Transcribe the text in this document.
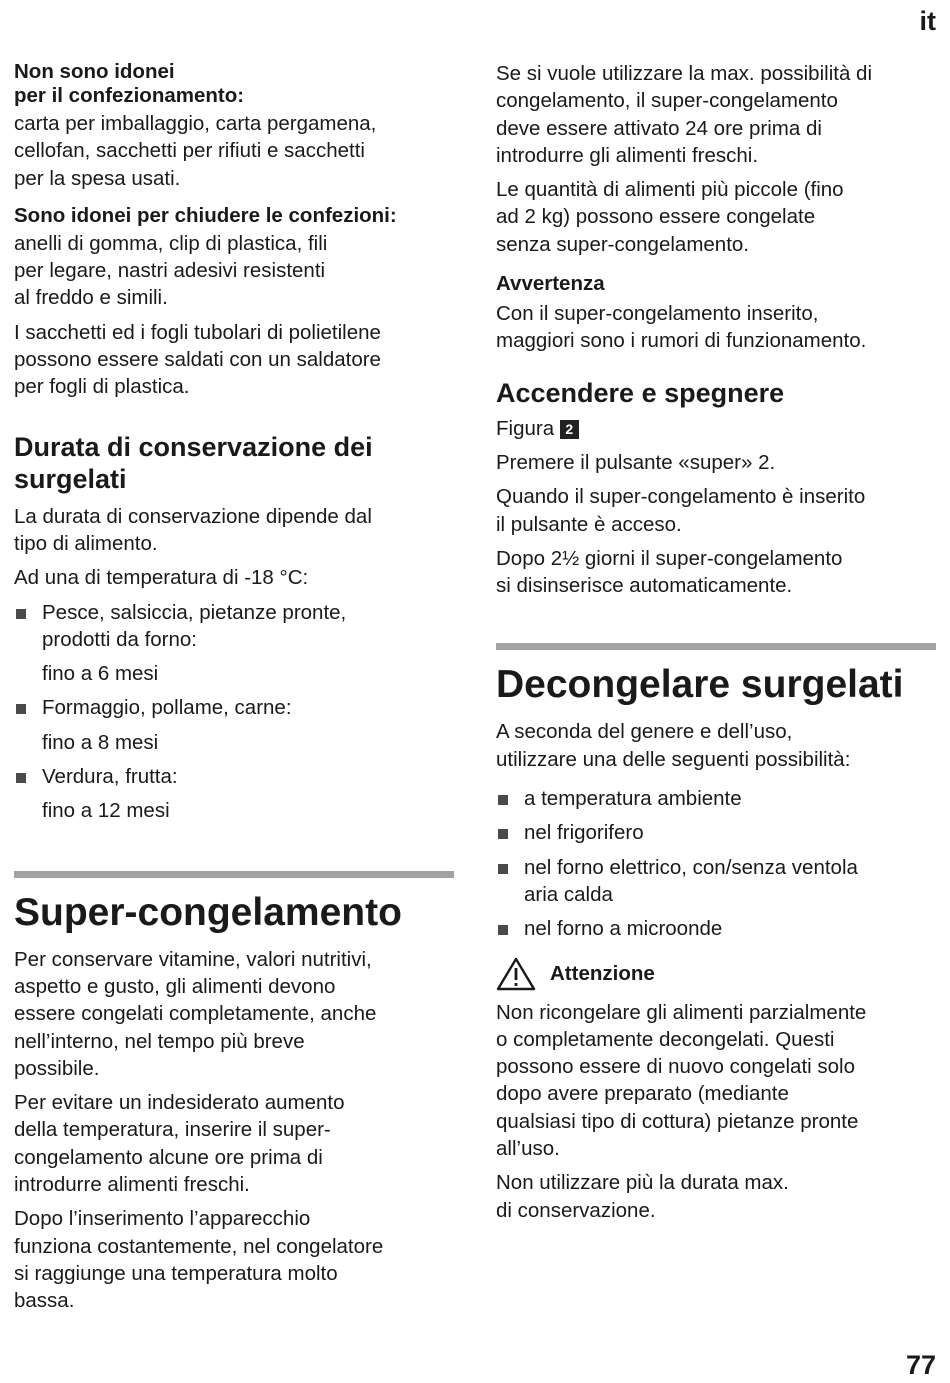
it

Non sono idonei
per il confezionamento:

carta per imballaggio, carta pergamena,
cellofan, sacchetti per rifiuti e sacchetti
per la spesa usati.

Sono idonei per chiudere le confezioni:

anelli di gomma, clip di plastica, fili
per legare, nastri adesivi resistenti
al freddo e simili.

I sacchetti ed i fogli tubolari di polietilene
possono essere saldati con un saldatore
per fogli di plastica.

Durata di conservazione dei
surgelati

La durata di conservazione dipende dal
tipo di alimento.

Ad una di temperatura di -18 °C:

Pesce, salsiccia, pietanze pronte,
prodotti da forno:
fino a 6 mesi
Formaggio, pollame, carne:
fino a 8 mesi
Verdura, frutta:
fino a 12 mesi
Super-congelamento

Per conservare vitamine, valori nutritivi,
aspetto e gusto, gli alimenti devono
essere congelati completamente, anche
nell’interno, nel tempo più breve
possibile.

Per evitare un indesiderato aumento
della temperatura, inserire il super-
congelamento alcune ore prima di
introdurre alimenti freschi.

Dopo l’inserimento l’apparecchio
funziona costantemente, nel congelatore
si raggiunge una temperatura molto
bassa.

Se si vuole utilizzare la max. possibilità di
congelamento, il super-congelamento
deve essere attivato 24 ore prima di
introdurre gli alimenti freschi.

Le quantità di alimenti più piccole (fino
ad 2 kg) possono essere congelate
senza super-congelamento.

Avvertenza

Con il super-congelamento inserito,
maggiori sono i rumori di funzionamento.

Accendere e spegnere

Figura 2

Premere il pulsante «super» 2.

Quando il super-congelamento è inserito
il pulsante è acceso.

Dopo 2½ giorni il super-congelamento
si disinserisce automaticamente.

Decongelare surgelati

A seconda del genere e dell’uso,
utilizzare una delle seguenti possibilità:

a temperatura ambiente
nel frigorifero
nel forno elettrico, con/senza ventola
aria calda
nel forno a microonde
Attenzione

Non ricongelare gli alimenti parzialmente
o completamente decongelati. Questi
possono essere di nuovo congelati solo
dopo avere preparato (mediante
qualsiasi tipo di cottura) pietanze pronte
all’uso.

Non utilizzare più la durata max.
di conservazione.

77
